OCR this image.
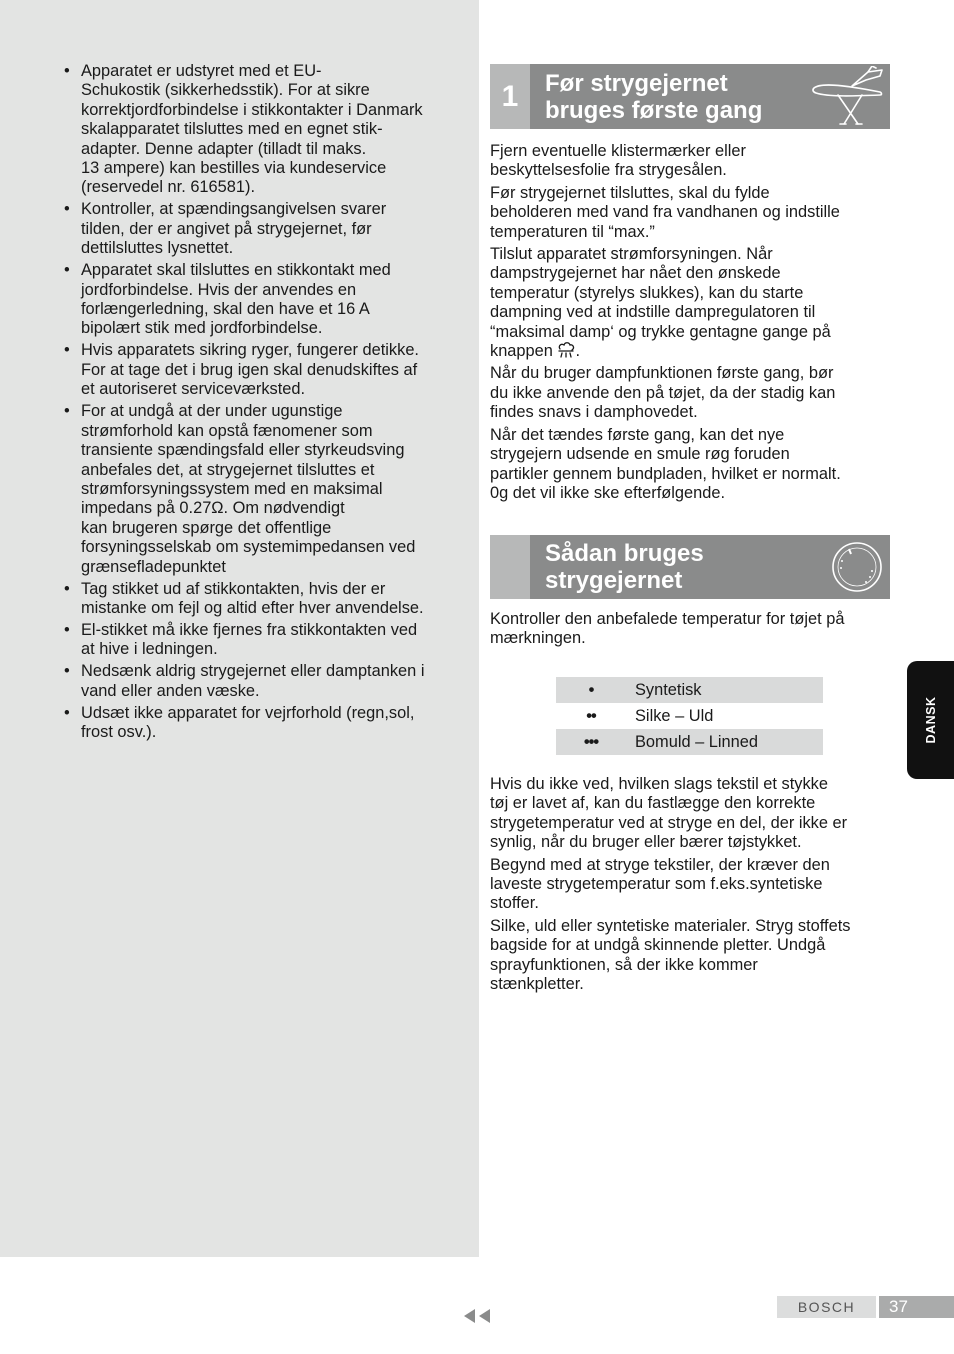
• Apparatet er udstyret med et EU-
Schukostik (sikkerhedsstik). For at sikre
korrektjordforbindelse i stikkontakter i Danmark
skalapparatet tilsluttes med en egnet stik-
adapter. Denne adapter (tilladt til maks.
13 ampere) kan bestilles via kundeservice
(reservedel nr. 616581).
• Kontroller, at spændingsangivelsen svarer
tilden, der er angivet på strygejernet, før
dettilsluttes lysnettet.
• Apparatet skal tilsluttes en stikkontakt med
jordforbindelse. Hvis der anvendes en
forlængerledning, skal den have et 16 A
bipolært stik med jordforbindelse.
• Hvis apparatets sikring ryger, fungerer detikke.
For at tage det i brug igen skal denudskiftes af
et autoriseret serviceværksted.
• For at undgå at der under ugunstige
strømforhold kan opstå fænomener som
transiente spændingsfald eller styrkeudsving
anbefales det, at strygejernet tilsluttes et
strømforsyningssystem med en maksimal
impedans på 0.27Ω. Om nødvendigt
kan brugeren spørge det offentlige
forsyningsselskab om systemimpedansen ved
grænsefladepunktet
• Tag stikket ud af stikkontakten, hvis der er
mistanke om fejl og altid efter hver anvendelse.
• El-stikket må ikke fjernes fra stikkontakten ved
at hive i ledningen.
• Nedsænk aldrig strygejernet eller damptanken i
vand eller anden væske.
• Udsæt ikke apparatet for vejrforhold (regn,sol,
frost osv.).
1	Før strygejernet
bruges første gang

Fjern eventuelle klistermærker eller
beskyttelsesfolie fra strygesålen.

Før strygejernet tilsluttes, skal du fylde
beholderen med vand fra vandhanen og indstille
temperaturen til “max.”

Tilslut apparatet strømforsyningen. Når
dampstrygejernet har nået den ønskede
temperatur (styrelys slukkes), kan du starte
dampning ved at indstille dampregulatoren til
“maksimal damp‘ og trykke gentagne gange på

knappen .

Når du bruger dampfunktionen første gang, bør
du ikke anvende den på tøjet, da der stadig kan
findes snavs i damphovedet.

Når det tændes første gang, kan det nye
strygejern udsende en smule røg foruden
partikler gennem bundpladen, hvilket er normalt.
0g det vil ikke ske efterfølgende.

Sådan bruges
strygejernet

Kontroller den anbefalede temperatur for tøjet på
mærkningen.

•	Syntetisk
••	Silke – Uld
•••	Bomuld – Linned

Hvis du ikke ved, hvilken slags tekstil et stykke
tøj er lavet af, kan du fastlægge den korrekte
strygetemperatur ved at stryge en del, der ikke er
synlig, når du bruger eller bærer tøjstykket.

Begynd med at stryge tekstiler, der kræver den
laveste strygetemperatur som f.eks.syntetiske
stoffer.

Silke, uld eller syntetiske materialer. Stryg stoffets
bagside for at undgå skinnende pletter. Undgå
sprayfunktionen, så der ikke kommer
stænkpletter.

DANSK
BOSCH	37
